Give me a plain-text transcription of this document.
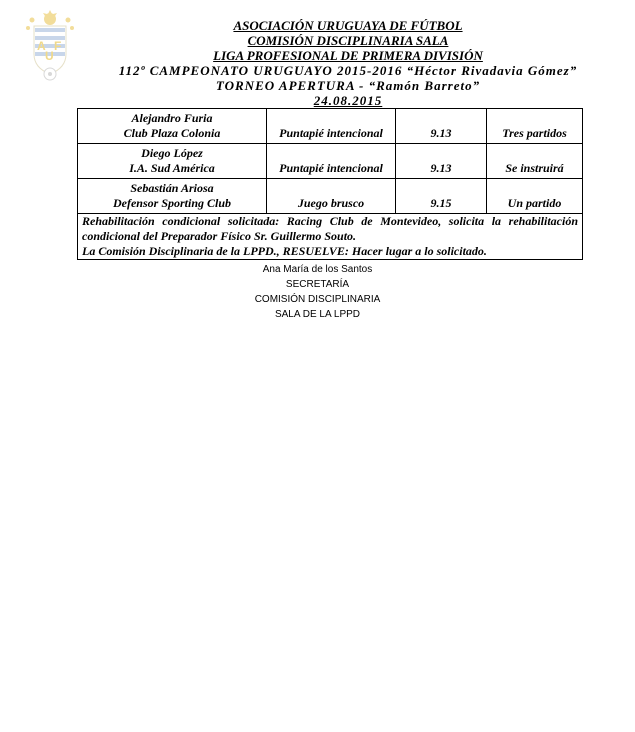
A
U
F
ASOCIACIÓN URUGUAYA DE FÚTBOL
COMISIÓN DISCIPLINARIA SALA
LIGA PROFESIONAL DE PRIMERA DIVISIÓN
112º CAMPEONATO URUGUAYO 2015-2016 “Héctor Rivadavia Gómez”
TORNEO APERTURA - “Ramón Barreto”
24.08.2015
Alejandro Furia
Club Plaza Colonia	Puntapié intencional	9.13	Tres partidos

Diego López
I.A. Sud América	Puntapié intencional	9.13	Se instruirá

Sebastián Ariosa
Defensor Sporting Club	Juego brusco	9.15	Un partido

Rehabilitación condicional solicitada: Racing Club de Montevideo, solicita la rehabilitación condicional del Preparador Físico Sr. Guillermo Souto.
La Comisión Disciplinaria de la LPPD., RESUELVE: Hacer lugar a lo solicitado.			
Ana María de los Santos
SECRETARÍA
COMISIÓN DISCIPLINARIA
SALA DE LA LPPD
